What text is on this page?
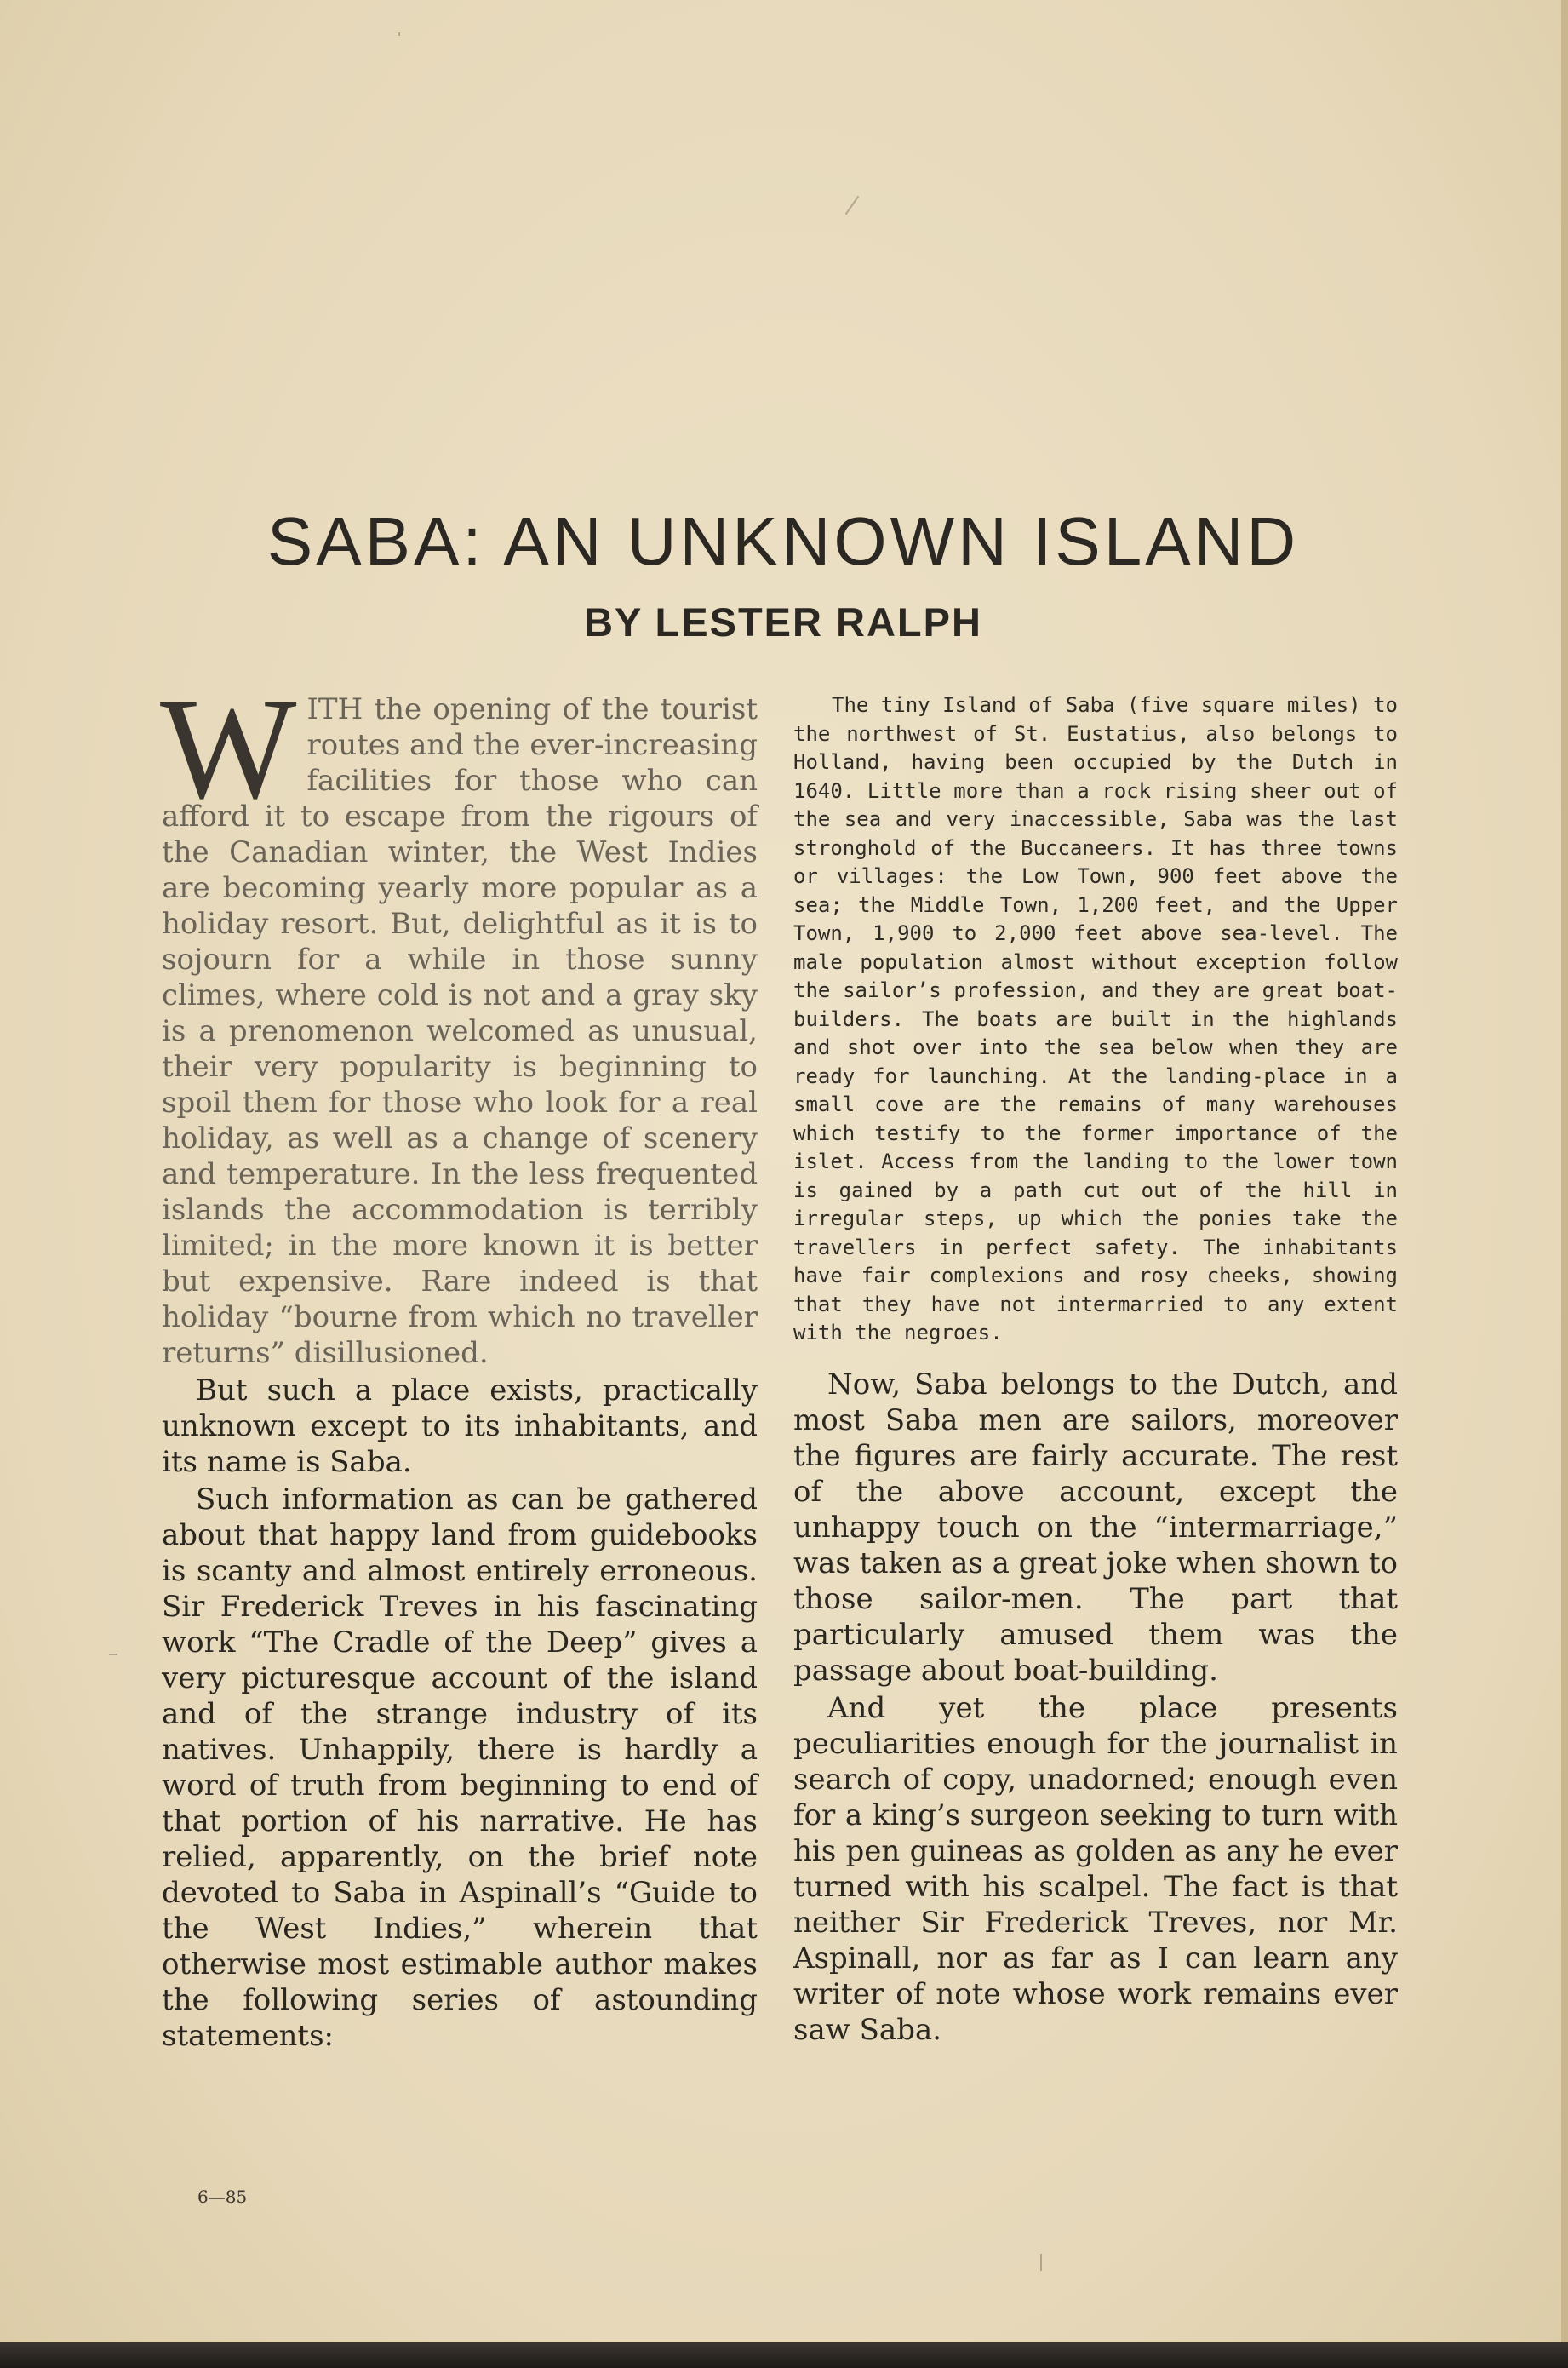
SABA: AN UNKNOWN ISLAND
BY LESTER RALPH

WITH the opening of the tourist routes and the ever-increasing facilities for those who can afford it to escape from the rigours of the Canadian winter, the West Indies are becoming yearly more popular as a holiday resort. But, delightful as it is to sojourn for a while in those sunny climes, where cold is not and a gray sky is a prenomenon welcomed as unusual, their very popularity is beginning to spoil them for those who look for a real holiday, as well as a change of scenery and temperature. In the less frequented islands the accommodation is terribly limited; in the more known it is better but expensive. Rare indeed is that holiday “bourne from which no traveller returns” disillusioned.

But such a place exists, practically unknown except to its inhabitants, and its name is Saba.

Such information as can be gathered about that happy land from guidebooks is scanty and almost entirely erroneous. Sir Frederick Treves in his fascinating work “The Cradle of the Deep” gives a very picturesque account of the island and of the strange industry of its natives. Unhappily, there is hardly a word of truth from beginning to end of that portion of his narrative. He has relied, apparently, on the brief note devoted to Saba in Aspinall’s “Guide to the West Indies,” wherein that otherwise most estimable author makes the following series of astounding statements:

The tiny Island of Saba (five square miles) to the northwest of St. Eustatius, also belongs to Holland, having been occupied by the Dutch in 1640. Little more than a rock rising sheer out of the sea and very inaccessible, Saba was the last stronghold of the Buccaneers. It has three towns or villages: the Low Town, 900 feet above the sea; the Middle Town, 1,200 feet, and the Upper Town, 1,900 to 2,000 feet above sea-level. The male population almost without exception follow the sailor’s profession, and they are great boat-builders. The boats are built in the highlands and shot over into the sea below when they are ready for launching. At the landing-place in a small cove are the remains of many warehouses which testify to the former importance of the islet. Access from the landing to the lower town is gained by a path cut out of the hill in irregular steps, up which the ponies take the travellers in perfect safety. The inhabitants have fair complexions and rosy cheeks, showing that they have not intermarried to any extent with the negroes.

Now, Saba belongs to the Dutch, and most Saba men are sailors, moreover the figures are fairly accurate. The rest of the above account, except the unhappy touch on the “intermarriage,” was taken as a great joke when shown to those sailor-men. The part that particularly amused them was the passage about boat-building.

And yet the place presents peculiarities enough for the journalist in search of copy, unadorned; enough even for a king’s surgeon seeking to turn with his pen guineas as golden as any he ever turned with his scalpel. The fact is that neither Sir Frederick Treves, nor Mr. Aspinall, nor as far as I can learn any writer of note whose work remains ever saw Saba.

6—85
